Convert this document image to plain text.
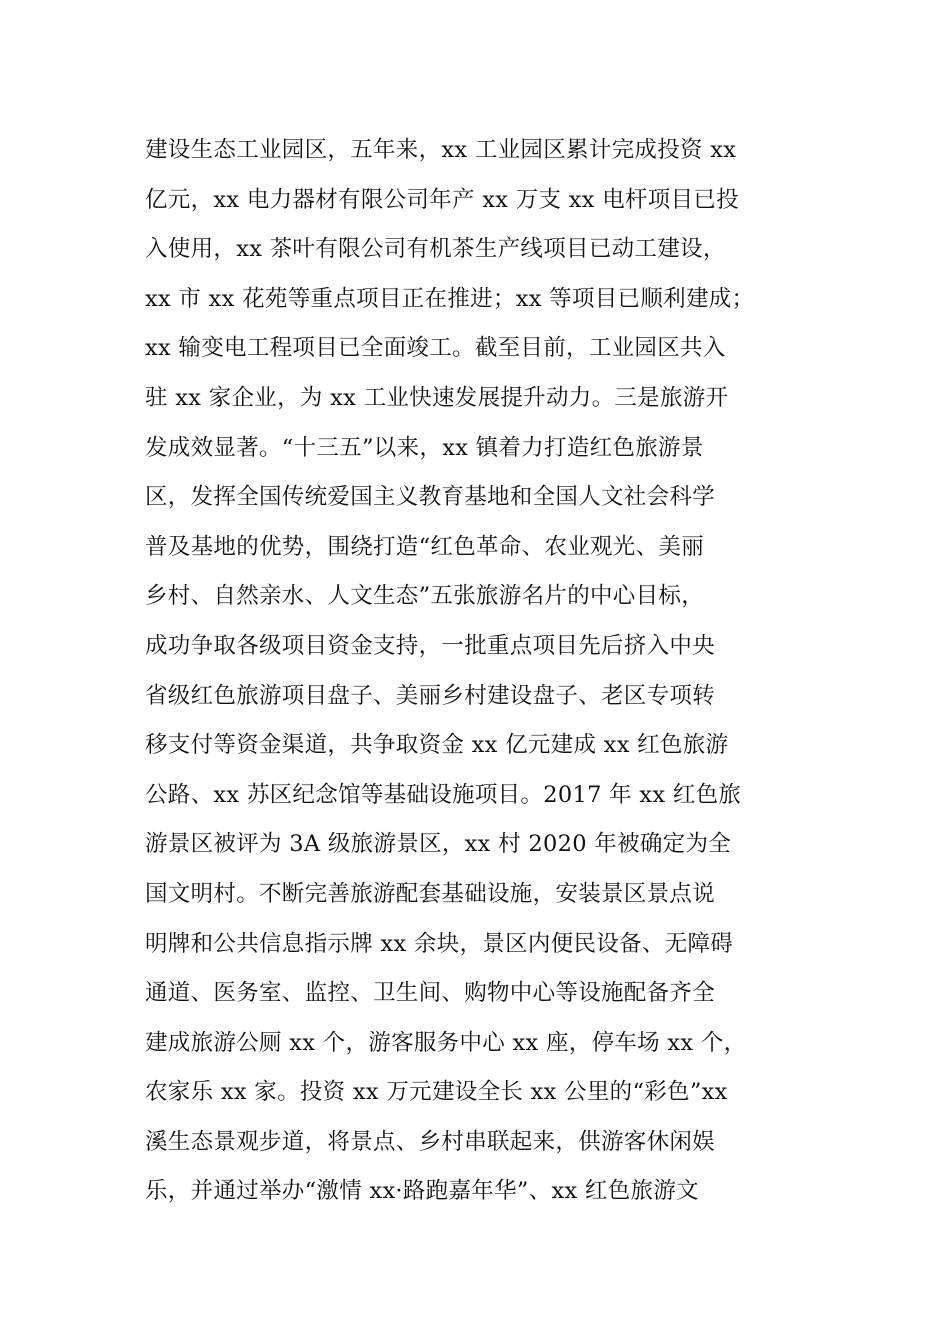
建设生态工业园区，五年来，xx 工业园区累计完成投资 xx
亿元，xx 电力器材有限公司年产 xx 万支 xx 电杆项目已投
入使用，xx 茶叶有限公司有机茶生产线项目已动工建设，
xx 市 xx 花苑等重点项目正在推进；xx 等项目已顺利建成；
xx 输变电工程项目已全面竣工。截至目前，工业园区共入
驻 xx 家企业，为 xx 工业快速发展提升动力。三是旅游开
发成效显著。“十三五”以来，xx 镇着力打造红色旅游景
区，发挥全国传统爱国主义教育基地和全国人文社会科学
普及基地的优势，围绕打造“红色革命、农业观光、美丽
乡村、自然亲水、人文生态”五张旅游名片的中心目标，
成功争取各级项目资金支持，一批重点项目先后挤入中央
省级红色旅游项目盘子、美丽乡村建设盘子、老区专项转
移支付等资金渠道，共争取资金 xx 亿元建成 xx 红色旅游
公路、xx 苏区纪念馆等基础设施项目。2017 年 xx 红色旅
游景区被评为 3A 级旅游景区，xx 村 2020 年被确定为全
国文明村。不断完善旅游配套基础设施，安装景区景点说
明牌和公共信息指示牌 xx 余块，景区内便民设备、无障碍
通道、医务室、监控、卫生间、购物中心等设施配备齐全
建成旅游公厕 xx 个，游客服务中心 xx 座，停车场 xx 个，
农家乐 xx 家。投资 xx 万元建设全长 xx 公里的“彩色”xx
溪生态景观步道，将景点、乡村串联起来，供游客休闲娱
乐，并通过举办“激情 xx·路跑嘉年华”、xx 红色旅游文
